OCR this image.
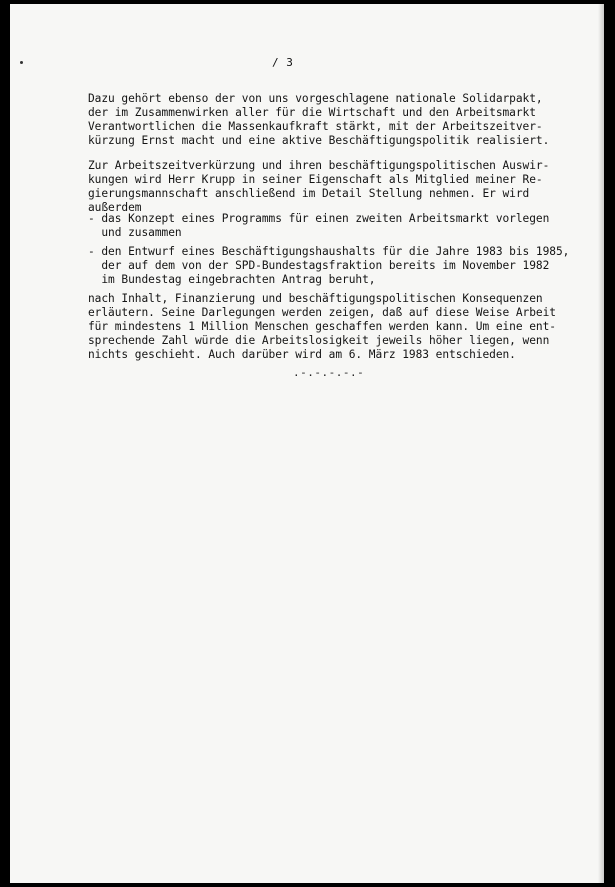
/ 3
Dazu gehört ebenso der von uns vorgeschlagene nationale Solidarpakt,
der im Zusammenwirken aller für die Wirtschaft und den Arbeitsmarkt
Verantwortlichen die Massenkaufkraft stärkt, mit der Arbeitszeitver-
kürzung Ernst macht und eine aktive Beschäftigungspolitik realisiert.
Zur Arbeitszeitverkürzung und ihren beschäftigungspolitischen Auswir-
kungen wird Herr Krupp in seiner Eigenschaft als Mitglied meiner Re-
gierungsmannschaft anschließend im Detail Stellung nehmen. Er wird
außerdem
- das Konzept eines Programms für einen zweiten Arbeitsmarkt vorlegen
und zusammen
- den Entwurf eines Beschäftigungshaushalts für die Jahre 1983 bis 1985,
der auf dem von der SPD-Bundestagsfraktion bereits im November 1982
im Bundestag eingebrachten Antrag beruht,
nach Inhalt, Finanzierung und beschäftigungspolitischen Konsequenzen
erläutern. Seine Darlegungen werden zeigen, daß auf diese Weise Arbeit
für mindestens 1 Million Menschen geschaffen werden kann. Um eine ent-
sprechende Zahl würde die Arbeitslosigkeit jeweils höher liegen, wenn
nichts geschieht. Auch darüber wird am 6. März 1983 entschieden.
.-.-.-.-.-
